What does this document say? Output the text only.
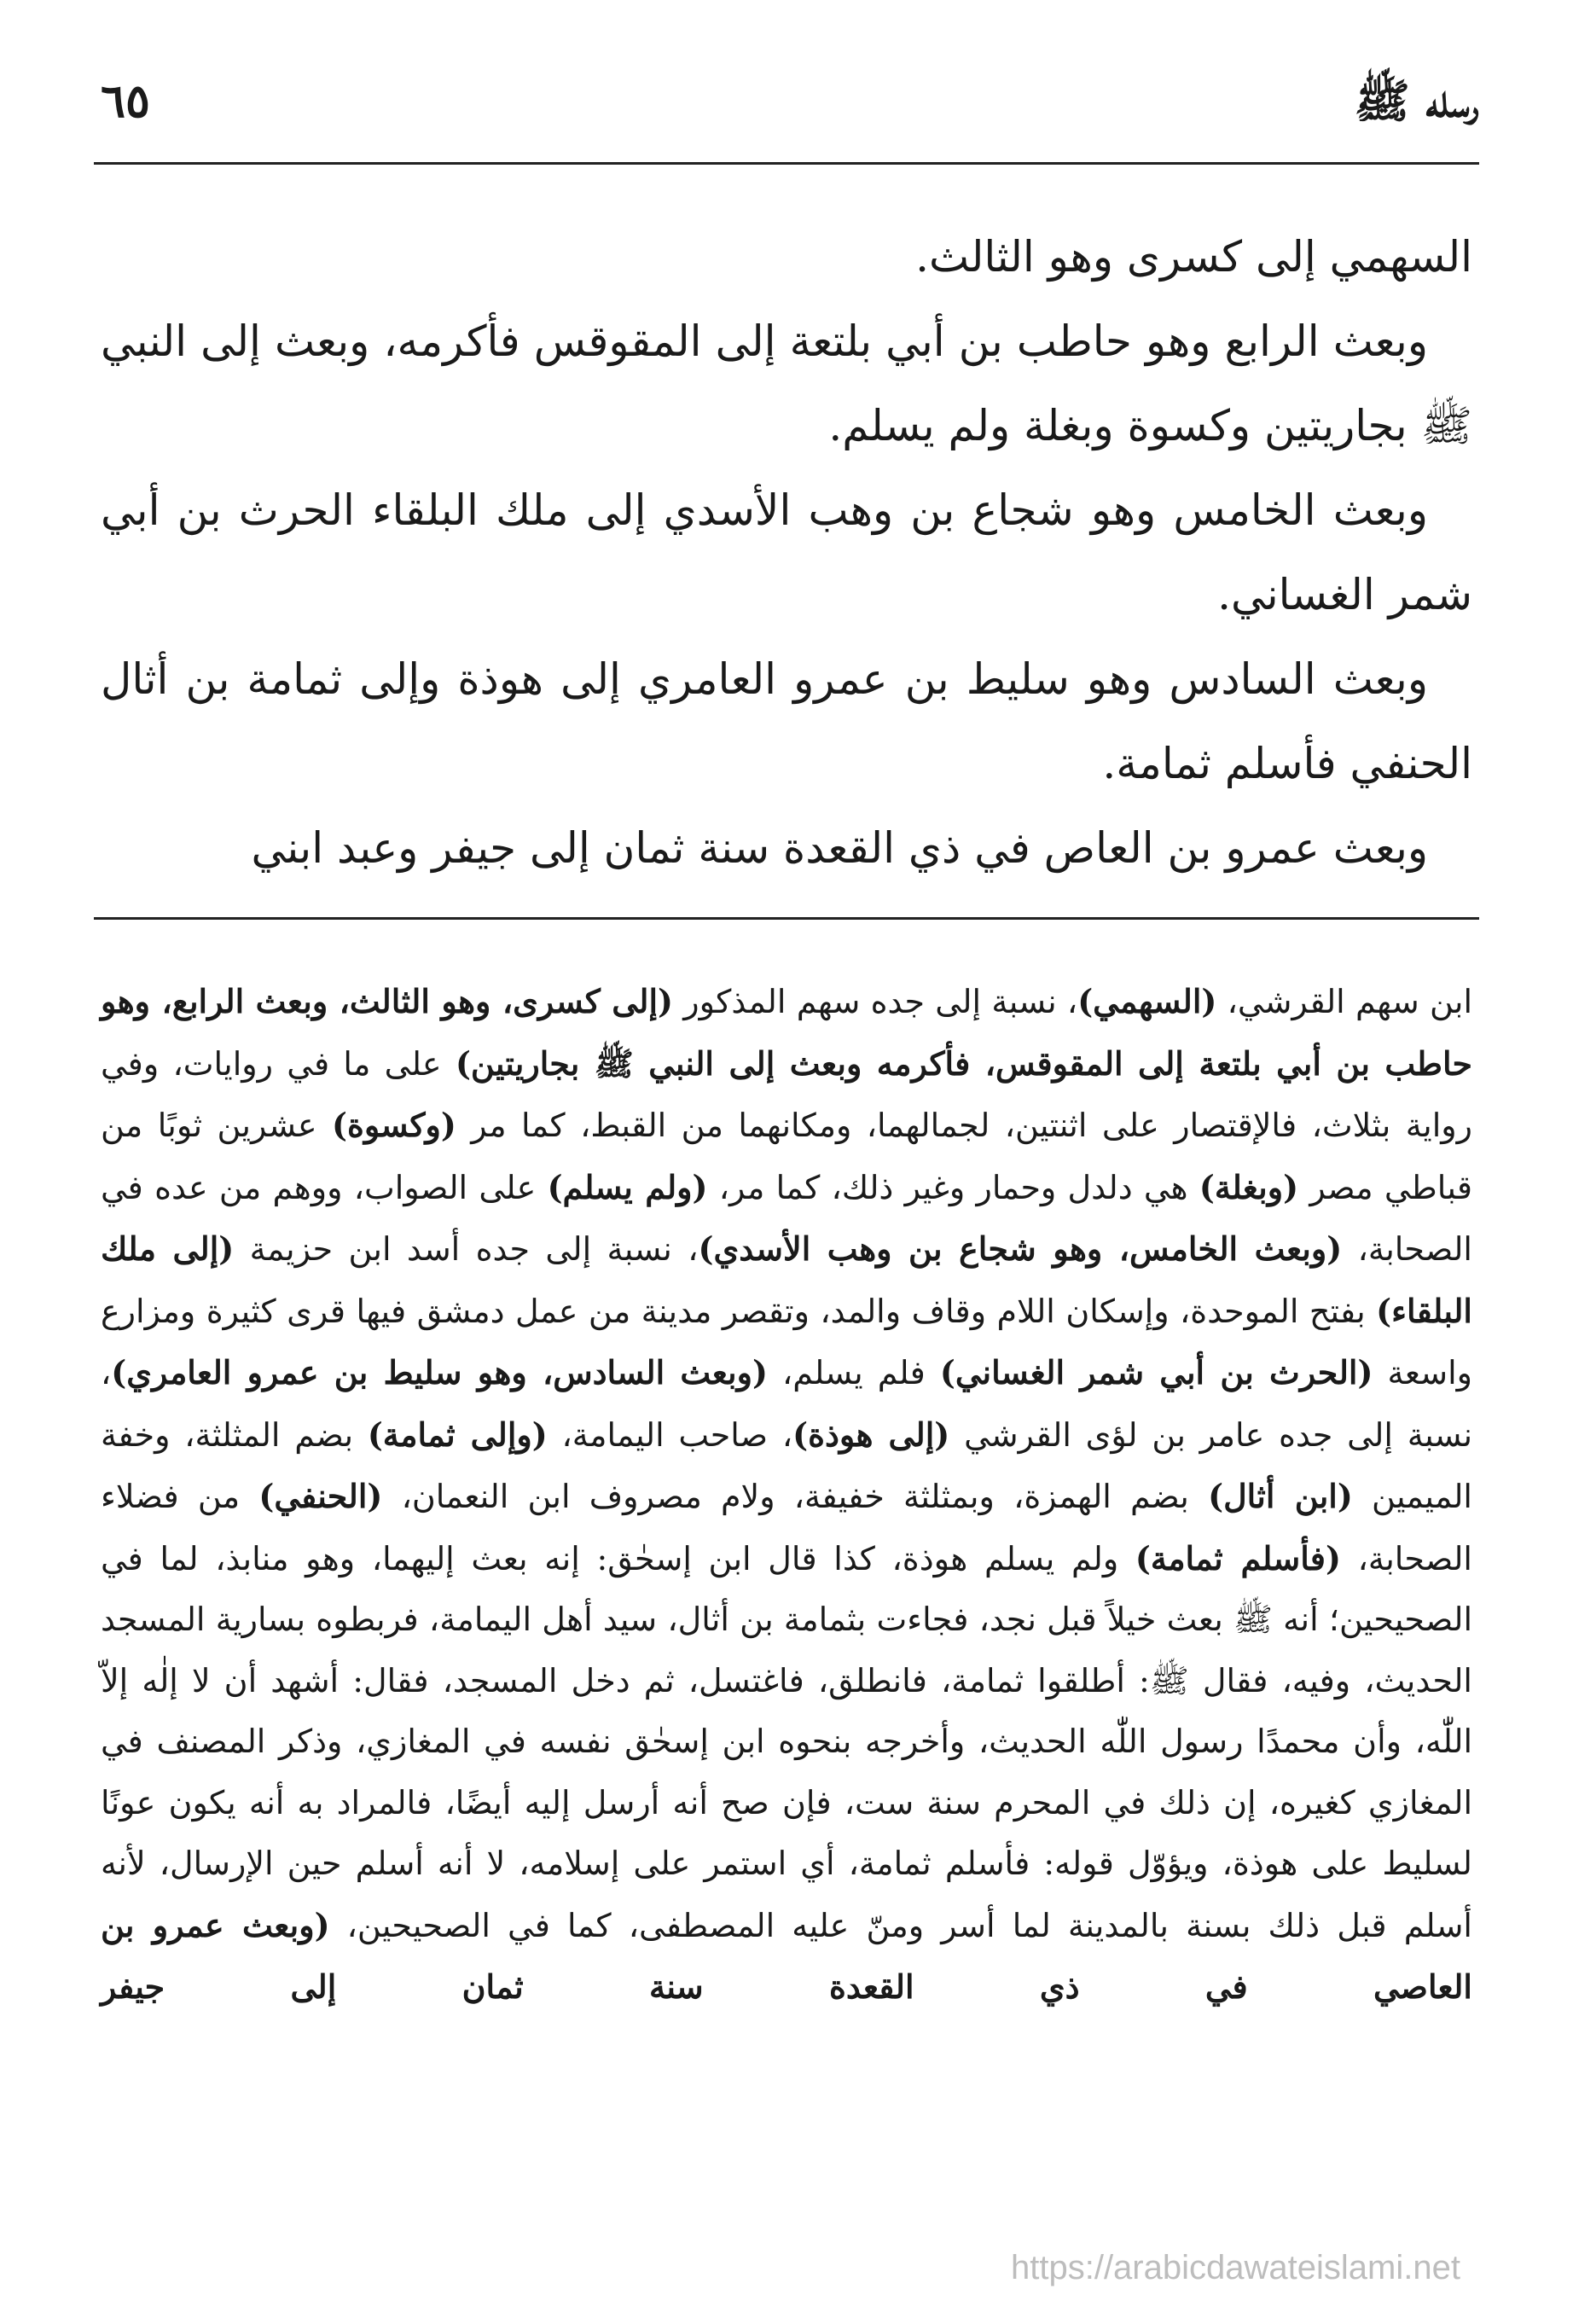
رسله ﷺ
٦٥

السهمي إلى كسرى وهو الثالث.

وبعث الرابع وهو حاطب بن أبي بلتعة إلى المقوقس فأكرمه، وبعث إلى النبي ﷺ بجاريتين وكسوة وبغلة ولم يسلم.

وبعث الخامس وهو شجاع بن وهب الأسدي إلى ملك البلقاء الحرث بن أبي شمر الغساني.

وبعث السادس وهو سليط بن عمرو العامري إلى هوذة وإلى ثمامة بن أثال الحنفي فأسلم ثمامة.

وبعث عمرو بن العاص في ذي القعدة سنة ثمان إلى جيفر وعبد ابني

ابن سهم القرشي، (السهمي)، نسبة إلى جده سهم المذكور (إلى كسرى، وهو الثالث، وبعث الرابع، وهو حاطب بن أبي بلتعة إلى المقوقس، فأكرمه وبعث إلى النبي ﷺ بجاريتين) على ما في روايات، وفي رواية بثلاث، فالإقتصار على اثنتين، لجمالهما، ومكانهما من القبط، كما مر (وكسوة) عشرين ثوبًا من قباطي مصر (وبغلة) هي دلدل وحمار وغير ذلك، كما مر، (ولم يسلم) على الصواب، ووهم من عده في الصحابة، (وبعث الخامس، وهو شجاع بن وهب الأسدي)، نسبة إلى جده أسد ابن حزيمة (إلى ملك البلقاء) بفتح الموحدة، وإسكان اللام وقاف والمد، وتقصر مدينة من عمل دمشق فيها قرى كثيرة ومزارع واسعة (الحرث بن أبي شمر الغساني) فلم يسلم، (وبعث السادس، وهو سليط بن عمرو العامري)، نسبة إلى جده عامر بن لؤى القرشي (إلى هوذة)، صاحب اليمامة، (وإلى ثمامة) بضم المثلثة، وخفة الميمين (ابن أثال) بضم الهمزة، وبمثلثة خفيفة، ولام مصروف ابن النعمان، (الحنفي) من فضلاء الصحابة، (فأسلم ثمامة) ولم يسلم هوذة، كذا قال ابن إسحٰق: إنه بعث إليهما، وهو منابذ، لما في الصحيحين؛ أنه ﷺ بعث خيلاً قبل نجد، فجاءت بثمامة بن أثال، سيد أهل اليمامة، فربطوه بسارية المسجد الحديث، وفيه، فقال ﷺ: أطلقوا ثمامة، فانطلق، فاغتسل، ثم دخل المسجد، فقال: أشهد أن لا إلٰه إلاّ اللّٰه، وأن محمدًا رسول اللّٰه الحديث، وأخرجه بنحوه ابن إسحٰق نفسه في المغازي، وذكر المصنف في المغازي كغيره، إن ذلك في المحرم سنة ست، فإن صح أنه أرسل إليه أيضًا، فالمراد به أنه يكون عونًا لسليط على هوذة، ويؤوّل قوله: فأسلم ثمامة، أي استمر على إسلامه، لا أنه أسلم حين الإرسال، لأنه أسلم قبل ذلك بسنة بالمدينة لما أسر ومنّ عليه المصطفى، كما في الصحيحين، (وبعث عمرو بن العاصي في ذي القعدة سنة ثمان إلى جيفر
https://arabicdawateislami.net
